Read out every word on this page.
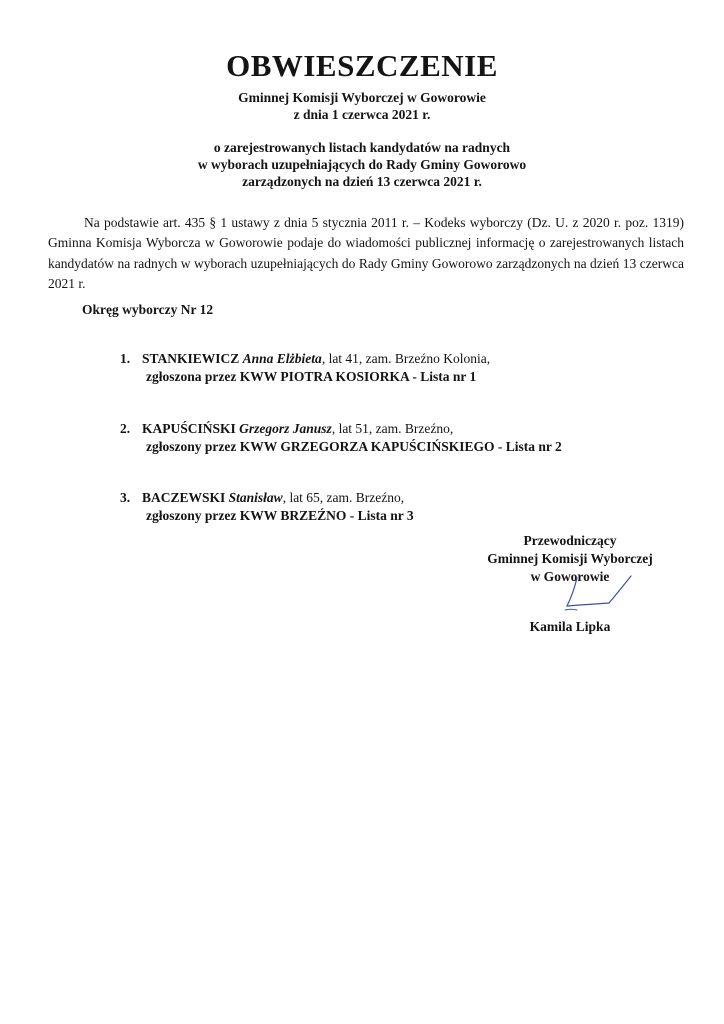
OBWIESZCZENIE
Gminnej Komisji Wyborczej w Goworowie
z dnia 1 czerwca 2021 r.
o zarejestrowanych listach kandydatów na radnych
w wyborach uzupełniających do Rady Gminy Goworowo
zarządzonych na dzień 13 czerwca 2021 r.
Na podstawie art. 435 § 1 ustawy z dnia 5 stycznia 2011 r. – Kodeks wyborczy (Dz. U. z 2020 r. poz. 1319) Gminna Komisja Wyborcza w Goworowie podaje do wiadomości publicznej informację o zarejestrowanych listach kandydatów na radnych w wyborach uzupełniających do Rady Gminy Goworowo zarządzonych na dzień 13 czerwca 2021 r.
Okręg wyborczy Nr 12
1. STANKIEWICZ Anna Elżbieta, lat 41, zam. Brzeźno Kolonia,
zgłoszona przez KWW PIOTRA KOSIORKA - Lista nr 1
2. KAPUŚCIŃSKI Grzegorz Janusz, lat 51, zam. Brzeźno,
zgłoszony przez KWW GRZEGORZA KAPUŚCIŃSKIEGO - Lista nr 2
3. BACZEWSKI Stanisław, lat 65, zam. Brzeźno,
zgłoszony przez KWW BRZEŹNO - Lista nr 3
Przewodniczący
Gminnej Komisji Wyborczej
w Goworowie
Kamila Lipka
